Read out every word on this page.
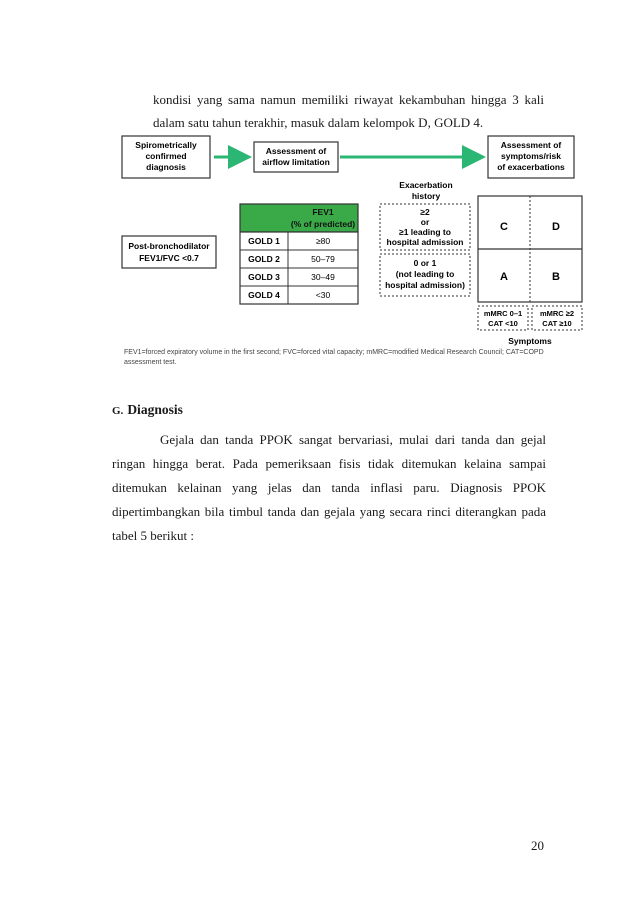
kondisi yang sama namun memiliki riwayat kekambuhan hingga 3 kali
dalam satu tahun terakhir, masuk dalam kelompok D, GOLD 4.
Spirometrically
confirmed
diagnosis
Assessment of
airflow limitation
Assessment of
symptoms/risk
of exacerbations
Post-bronchodilator
FEV1/FVC <0.7
FEV1
(% of predicted)
GOLD 1	≥80
GOLD 2	50–79
GOLD 3	30–49
GOLD 4	<30
Exacerbation
history
≥2
or
≥1 leading to
hospital admission
0 or 1
(not leading to
hospital admission)
C	D
A	B
mMRC 0–1
CAT <10
mMRC ≥2
CAT ≥10
Symptoms
FEV1=forced expiratory volume in the first second; FVC=forced vital capacity; mMRC=modified Medical Research Council; CAT=COPD assessment test.
G. Diagnosis
Gejala dan tanda PPOK sangat bervariasi, mulai dari tanda dan gejal
ringan hingga berat. Pada pemeriksaan fisis tidak ditemukan kelaina sampai
ditemukan kelainan yang jelas dan tanda inflasi paru. Diagnosis PPOK
dipertimbangkan bila timbul tanda dan gejala yang secara rinci diterangkan pada
tabel 5 berikut :
20
